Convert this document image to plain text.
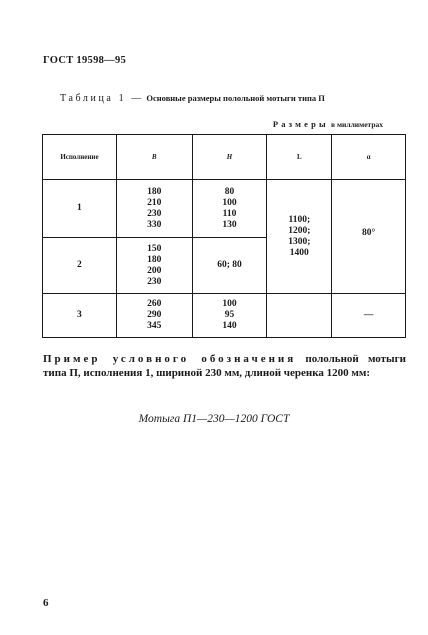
ГОСТ 19598—95
Таблица 1 — Основные размеры полольной мотыги типа П
Размеры в миллиметрах
Исполнение	B	H	L	α
1	180
210
230
330	80
100
110
130	1100;
1200;
1300;
1400	80°
2	150
180
200
230	60; 80		
3	260
290
345	100
95
140		—
Пример условного обозначения полольной мотыги типа П, исполнения 1, шириной 230 мм, длиной черенка 1200 мм:
Мотыга П1—230—1200 ГОСТ
6
